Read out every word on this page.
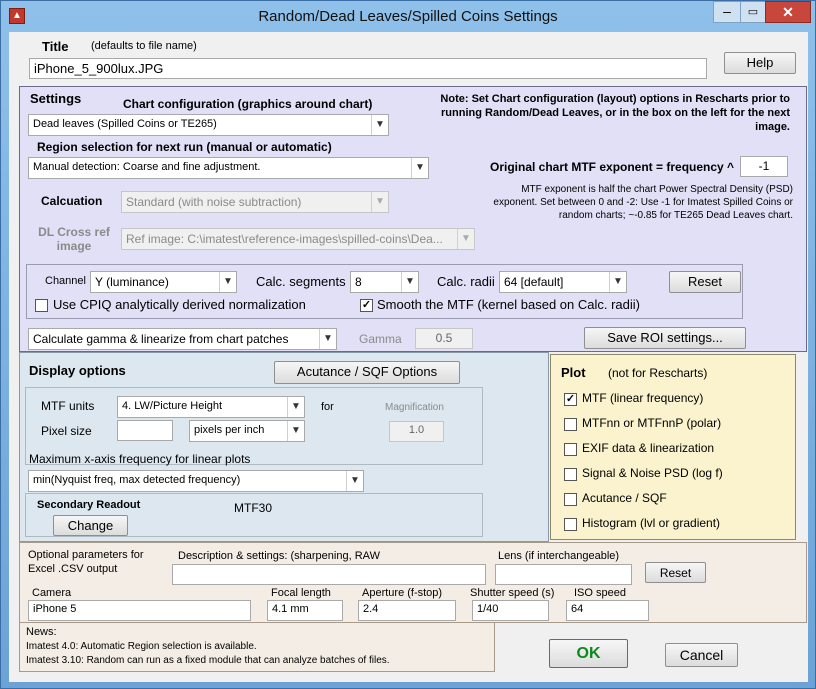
▲	Random/Dead Leaves/Spilled Coins Settings	–	▭	✕
Title (defaults to file name)
iPhone_5_900lux.JPG	Help
Settings	Chart configuration (graphics around chart)
Dead leaves (Spilled Coins or TE265)	▼
Note: Set Chart configuration (layout) options in Rescharts prior to running Random/Dead Leaves, or in the box on the left for the next image.
Region selection for next run (manual or automatic)
Manual detection: Coarse and fine adjustment.	▼	Original chart MTF exponent = frequency ^	-1
MTF exponent is half the chart Power Spectral Density (PSD) exponent. Set between 0 and -2: Use -1 for Imatest Spilled Coins or random charts; ~-0.85 for TE265 Dead Leaves chart.
Calcuation	Standard (with noise subtraction)	▼
DL Cross ref image	Ref image: C:\imatest\reference-images\spilled-coins\Dea...	▼
Channel Y (luminance)	▼ Calc. segments 8	▼ Calc. radii 64 [default]	▼	Reset
Use CPIQ analytically derived normalization	✓ Smooth the MTF (kernel based on Calc. radii)
Calculate gamma & linearize from chart patches	▼ Gamma	0.5	Save ROI settings...
Display options	Acutance / SQF Options
MTF units	4. LW/Picture Height	▼ for	Magnification
1.0
Pixel size	pixels per inch	▼
Maximum x-axis frequency for linear plots
min(Nyquist freq, max detected frequency)	▼
Secondary Readout	MTF30
Change
Plot (not for Rescharts)
✓ MTF (linear frequency)
MTFnn or MTFnnP (polar)
EXIF data & linearization
Signal & Noise PSD (log f)
Acutance / SQF
Histogram (lvl or gradient)
Optional parameters for Excel .CSV output
Description & settings: (sharpening, RAW	Lens (if interchangeable)
Reset
Camera
iPhone 5
Focal length
4.1 mm
Aperture (f-stop)
2.4
Shutter speed (s)
1/40
ISO speed
64
News:
Imatest 4.0: Automatic Region selection is available.
Imatest 3.10: Random can run as a fixed module that can analyze batches of files.	OK	Cancel
